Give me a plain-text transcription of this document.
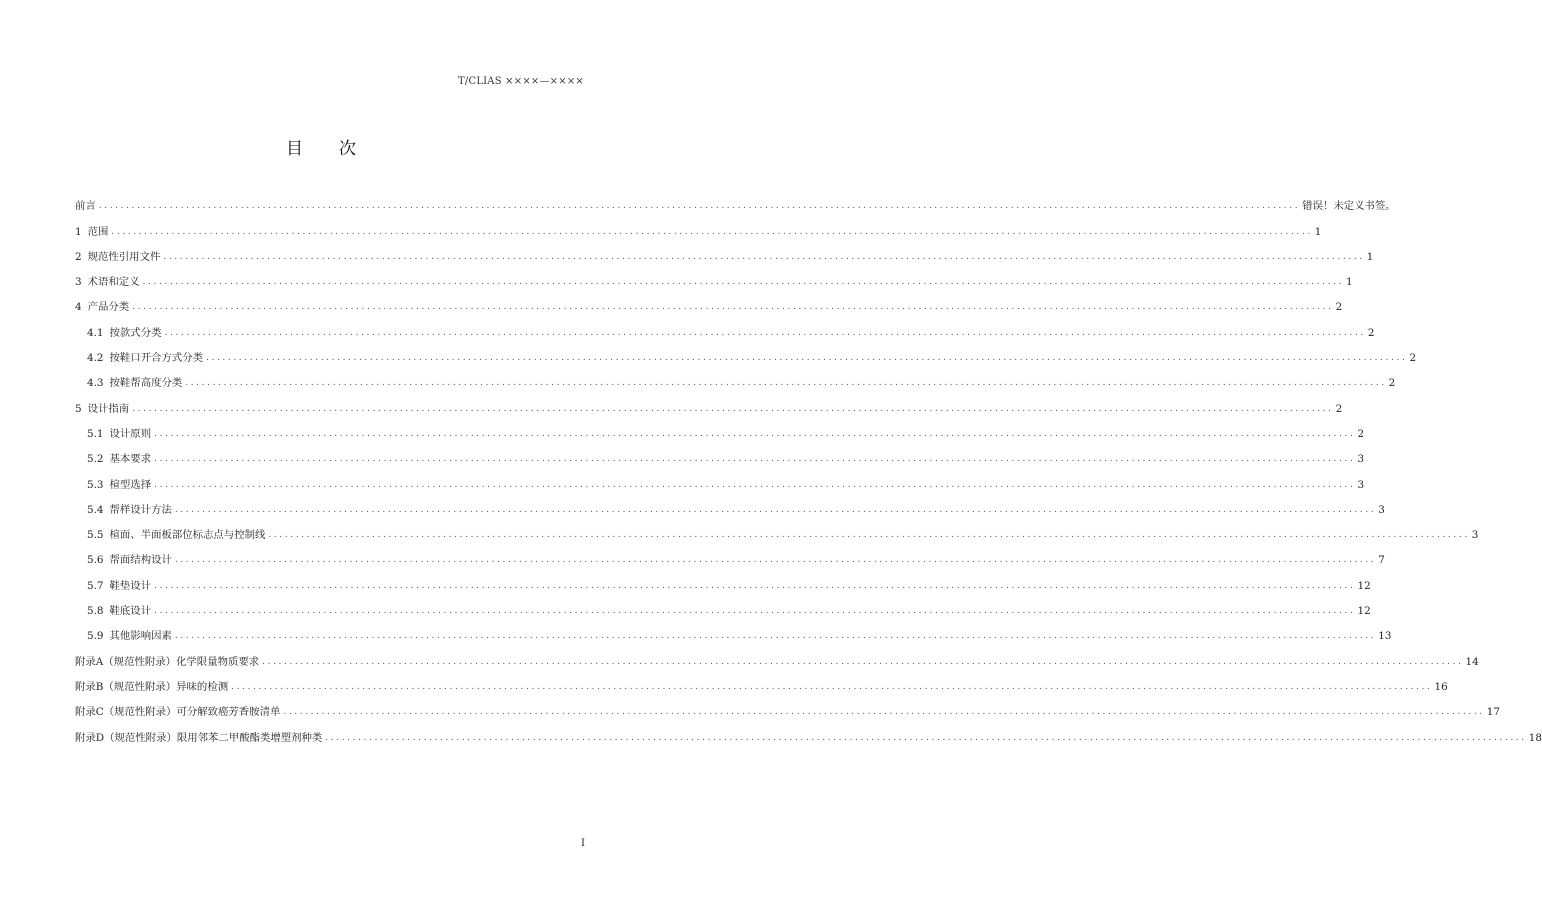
T/CLIAS ××××—××××
目 次
前言 ............................................................................................................................................................................................................................ 错误！未定义书签。
1 范围 ............................................................................................................................................................................................................................ 1
2 规范性引用文件 ............................................................................................................................................................................................................................ 1
3 术语和定义 ............................................................................................................................................................................................................................ 1
4 产品分类 ............................................................................................................................................................................................................................ 2
4.1 按款式分类 ............................................................................................................................................................................................................................ 2
4.2 按鞋口开合方式分类 ............................................................................................................................................................................................................................ 2
4.3 按鞋帮高度分类 ............................................................................................................................................................................................................................ 2
5 设计指南 ............................................................................................................................................................................................................................ 2
5.1 设计原则 ............................................................................................................................................................................................................................ 2
5.2 基本要求 ............................................................................................................................................................................................................................ 3
5.3 楦型选择 ............................................................................................................................................................................................................................ 3
5.4 帮样设计方法 ............................................................................................................................................................................................................................ 3
5.5 楦面、半面板部位标志点与控制线 ............................................................................................................................................................................................................................ 3
5.6 帮面结构设计 ............................................................................................................................................................................................................................ 7
5.7 鞋垫设计 ............................................................................................................................................................................................................................ 12
5.8 鞋底设计 ............................................................................................................................................................................................................................ 12
5.9 其他影响因素 ............................................................................................................................................................................................................................ 13
附录A（规范性附录）化学限量物质要求 ............................................................................................................................................................................................................................ 14
附录B（规范性附录）异味的检测 ............................................................................................................................................................................................................................ 16
附录C（规范性附录）可分解致癌芳香胺清单 ............................................................................................................................................................................................................................ 17
附录D（规范性附录）限用邻苯二甲酸酯类增塑剂种类 ............................................................................................................................................................................................................................ 18
I
